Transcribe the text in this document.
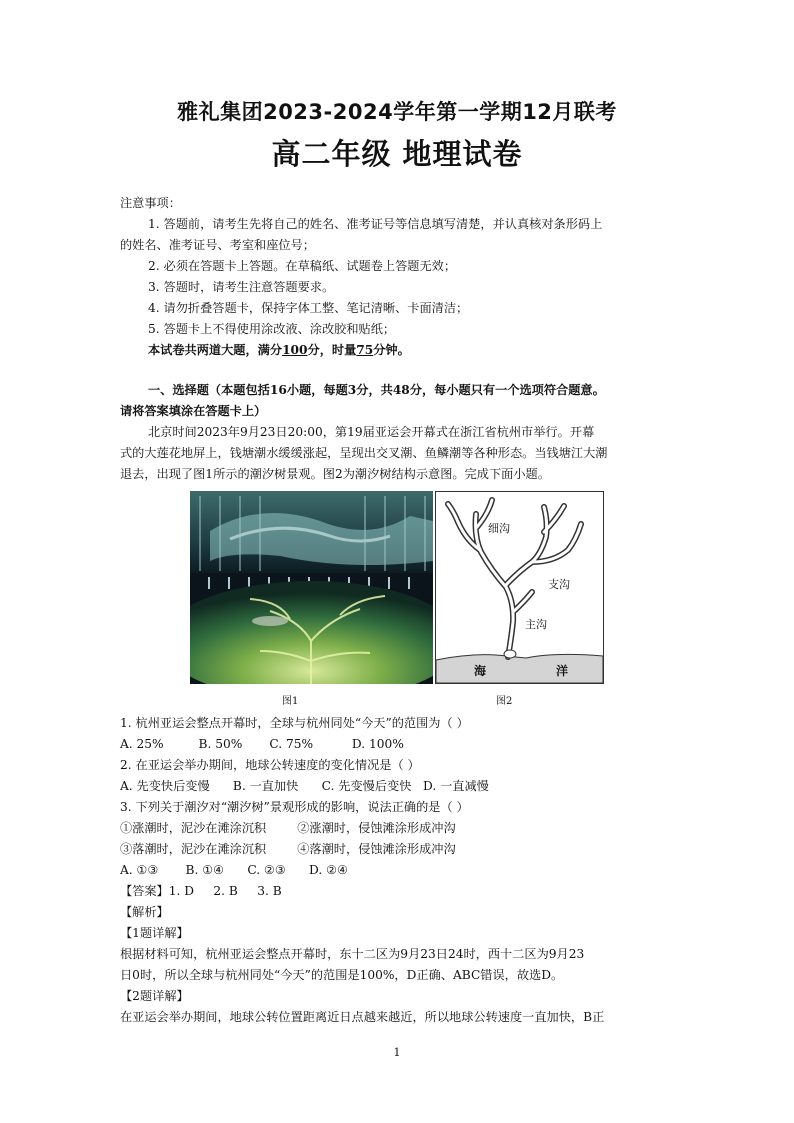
雅礼集团2023-2024学年第一学期12月联考
高二年级 地理试卷
注意事项：
1. 答题前，请考生先将自己的姓名、准考证号等信息填写清楚，并认真核对条形码上
的姓名、准考证号、考室和座位号；
2. 必须在答题卡上答题。在草稿纸、试题卷上答题无效；
3. 答题时，请考生注意答题要求。
4. 请勿折叠答题卡，保持字体工整、笔记清晰、卡面清洁；
5. 答题卡上不得使用涂改液、涂改胶和贴纸；
本试卷共两道大题，满分100分，时量75分钟。
一、选择题（本题包括16小题，每题3分，共48分，每小题只有一个选项符合题意。
请将答案填涂在答题卡上）
北京时间2023年9月23日20:00，第19届亚运会开幕式在浙江省杭州市举行。开幕
式的大莲花地屏上，钱塘潮水缓缓涨起，呈现出交叉潮、鱼鳞潮等各种形态。当钱塘江大潮
退去，出现了图1所示的潮汐树景观。图2为潮汐树结构示意图。完成下面小题。
细沟
支沟
主沟
海	洋
图1	图2
1. 杭州亚运会整点开幕时，全球与杭州同处“今天”的范围为（ ）
A. 25%         B. 50%       C. 75%          D. 100%
2. 在亚运会举办期间，地球公转速度的变化情况是（ ）
A. 先变快后变慢      B. 一直加快      C. 先变慢后变快   D. 一直减慢
3. 下列关于潮汐对“潮汐树”景观形成的影响，说法正确的是（ ）
①涨潮时，泥沙在滩涂沉积        ②涨潮时，侵蚀滩涂形成冲沟
③落潮时，泥沙在滩涂沉积        ④落潮时，侵蚀滩涂形成冲沟
A. ①③       B. ①④      C. ②③      D. ②④
【答案】1. D     2. B     3. B
【解析】
【1题详解】
根据材料可知，杭州亚运会整点开幕时，东十二区为9月23日24时，西十二区为9月23
日0时，所以全球与杭州同处“今天”的范围是100%，D正确、ABC错误，故选D。
【2题详解】
在亚运会举办期间，地球公转位置距离近日点越来越近，所以地球公转速度一直加快，B正
1
